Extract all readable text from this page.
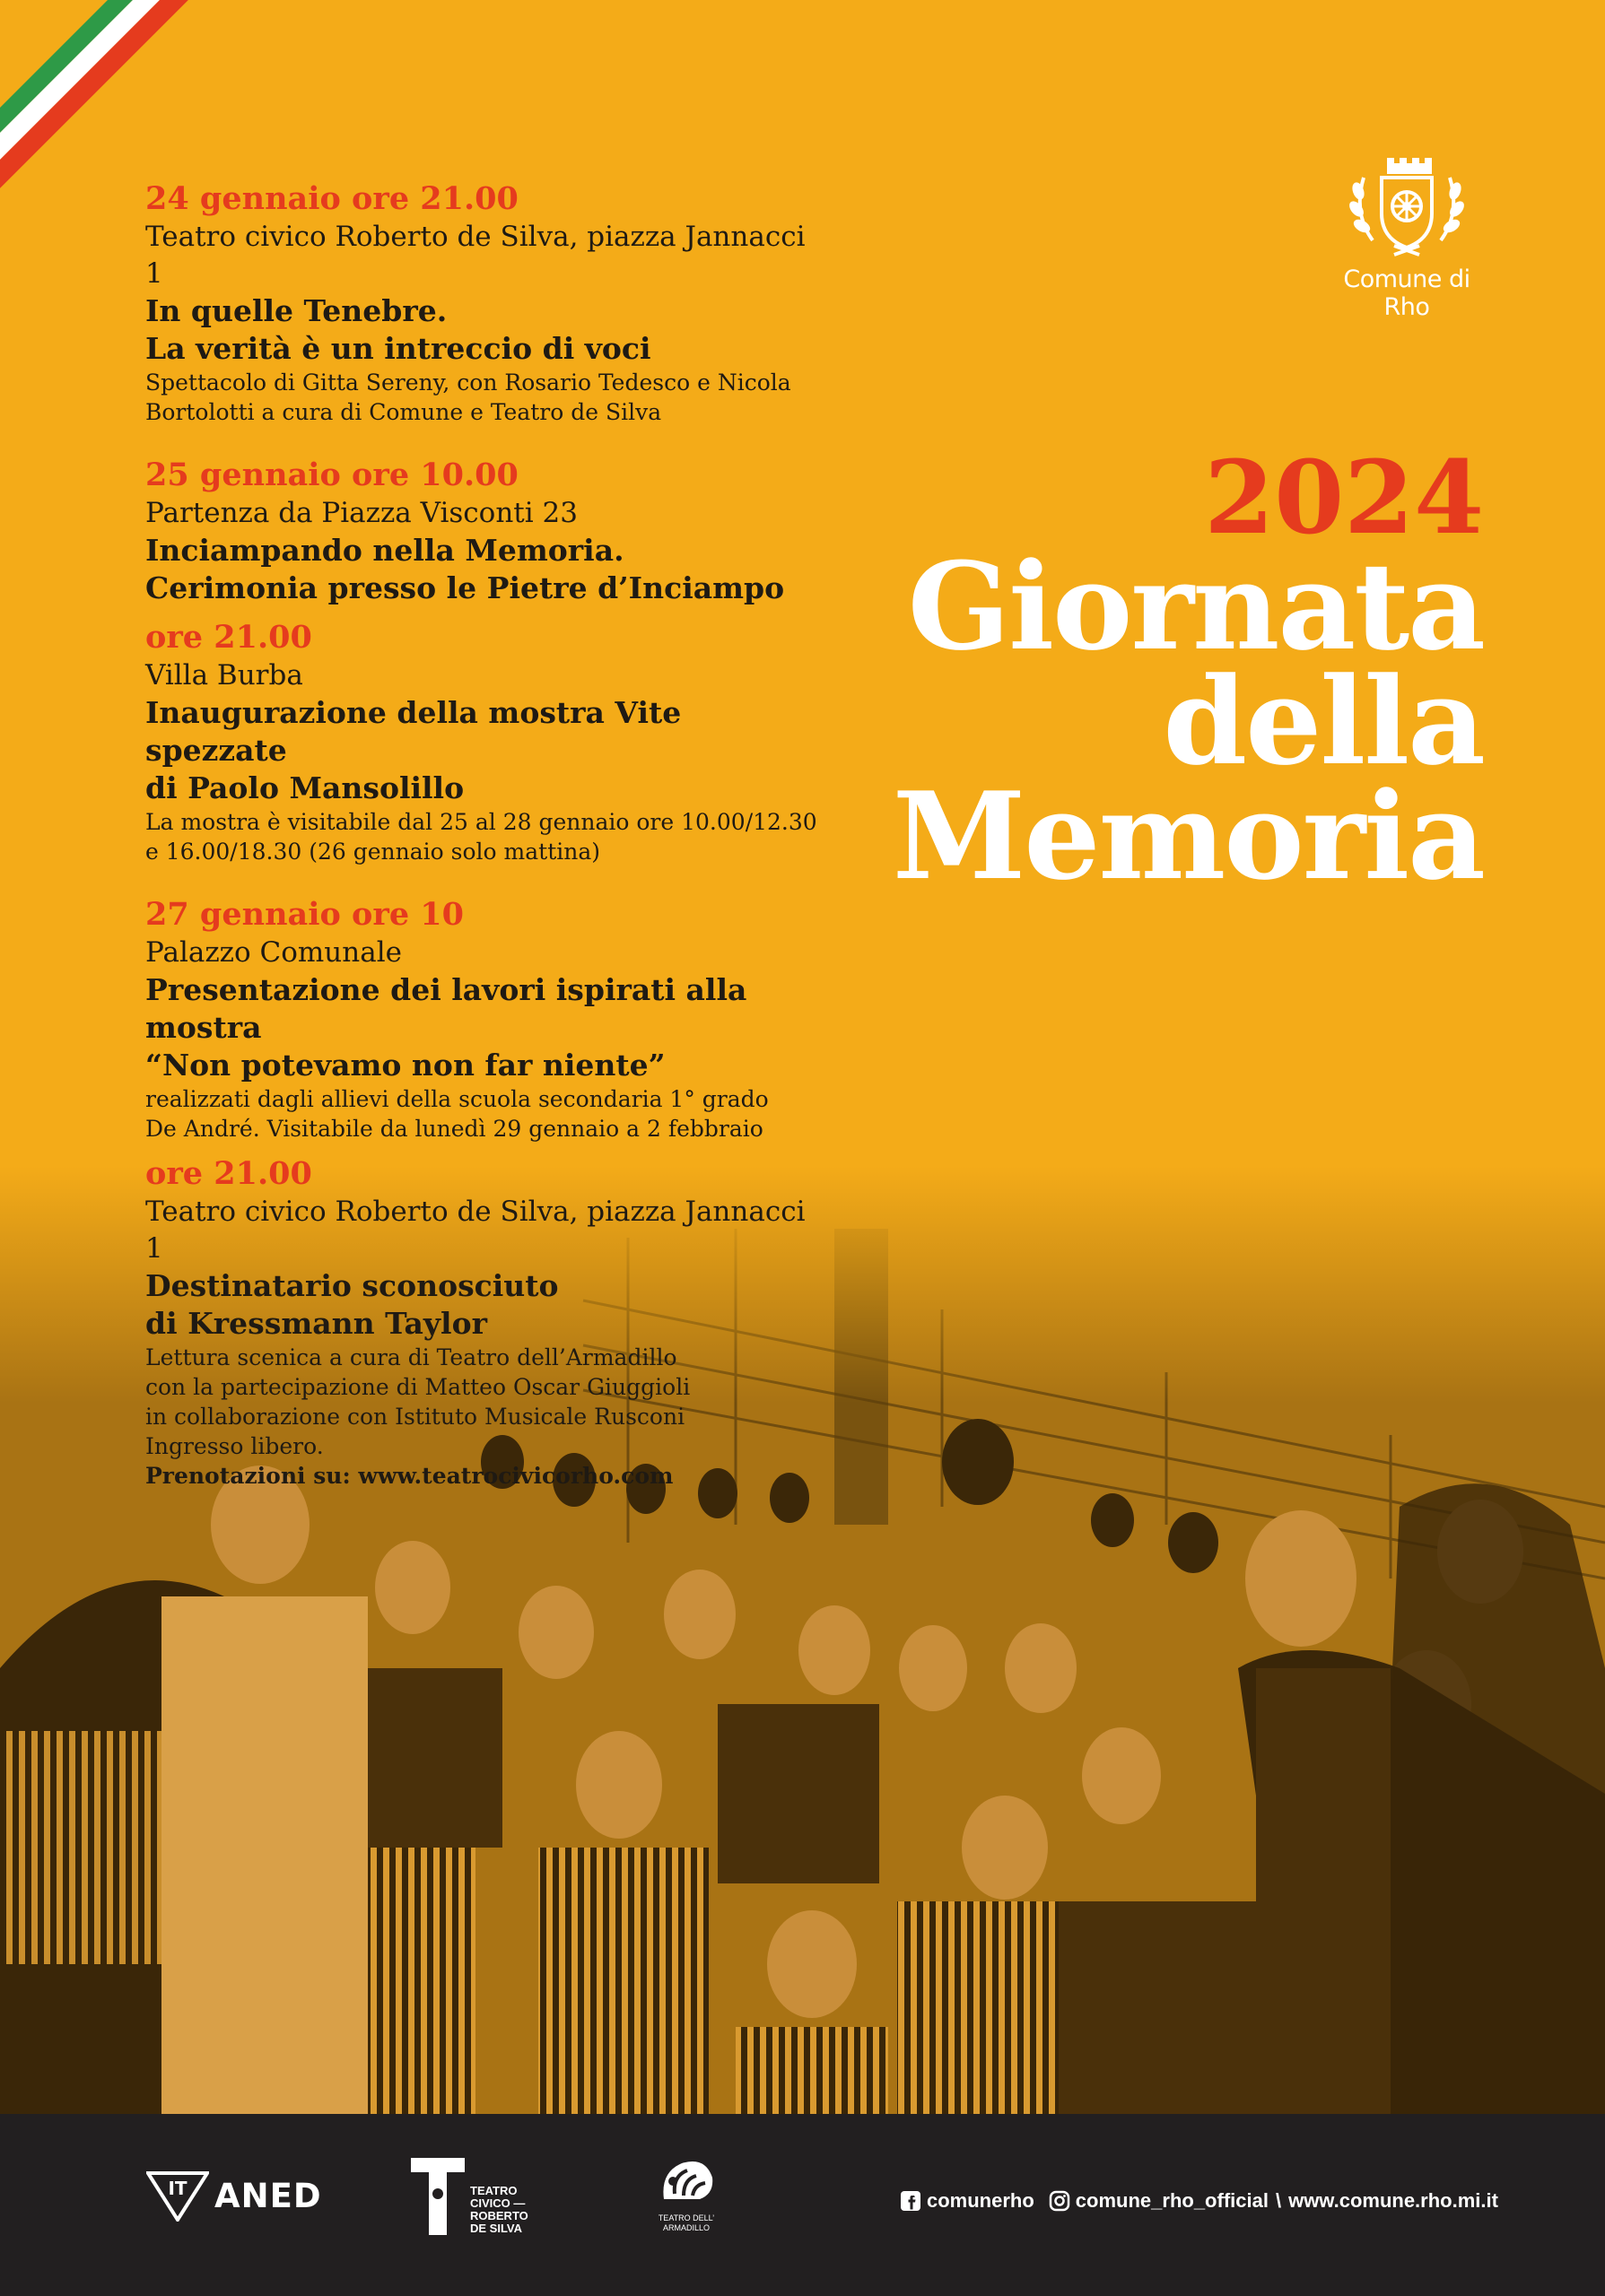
24 gennaio ore 21.00
Teatro civico Roberto de Silva, piazza Jannacci 1
In quelle Tenebre.
La verità è un intreccio di voci
Spettacolo di Gitta Sereny, con Rosario Tedesco e Nicola
Bortolotti a cura di Comune e Teatro de Silva
25 gennaio ore 10.00
Partenza da Piazza Visconti 23
Inciampando nella Memoria.
Cerimonia presso le Pietre d’Inciampo
ore 21.00
Villa Burba
Inaugurazione della mostra Vite spezzate
di Paolo Mansolillo
La mostra è visitabile dal 25 al 28 gennaio ore 10.00/12.30
e 16.00/18.30 (26 gennaio solo mattina)
27 gennaio ore 10
Palazzo Comunale
Presentazione dei lavori ispirati alla mostra
“Non potevamo non far niente”
realizzati dagli allievi della scuola secondaria 1° grado
De André. Visitabile da lunedì 29 gennaio a 2 febbraio
ore 21.00
Teatro civico Roberto de Silva, piazza Jannacci 1
Destinatario sconosciuto
di Kressmann Taylor
Lettura scenica a cura di Teatro dell’Armadillo
con la partecipazione di Matteo Oscar Giuggioli
in collaborazione con Istituto Musicale Rusconi
Ingresso libero.
Prenotazioni su: www.teatrocivicorho.com
Comune di Rho
2024
Giornata
della
Memoria
IT ANED	TEATRO
CIVICO —
ROBERTO
DE SILVA
TEATRO DELL’
ARMADILLO
comunerho comune_rho_official \ www.comune.rho.mi.it
